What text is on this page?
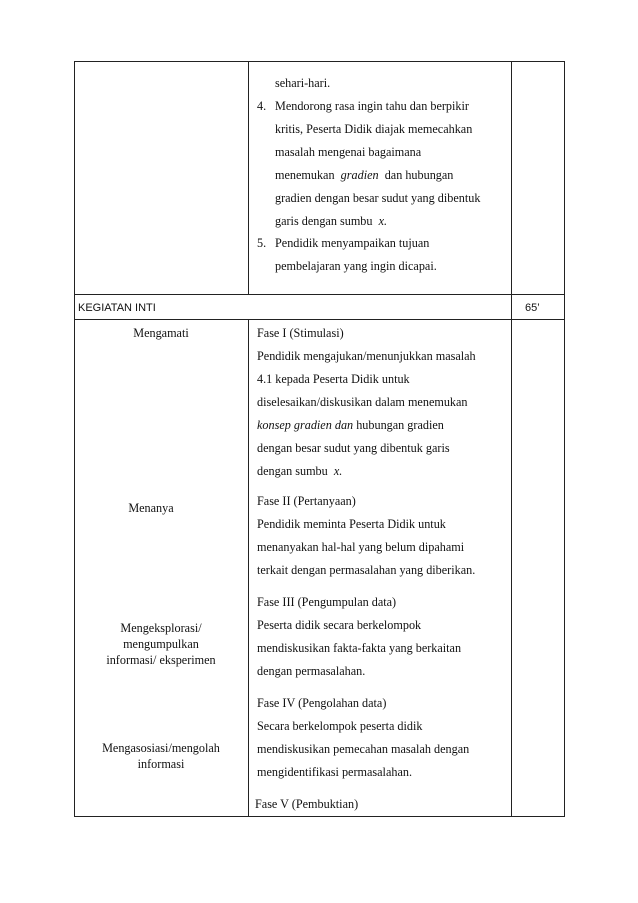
sehari-hari.
4. Mendorong rasa ingin tahu dan berpikir
kritis, Peserta Didik diajak memecahkan
masalah mengenai bagaimana
menemukan gradien dan hubungan
gradien dengan besar sudut yang dibentuk
garis dengan sumbu x.
5. Pendidik menyampaikan tujuan
pembelajaran yang ingin dicapai.
KEGIATAN INTI	65’
Mengamati
Menanya
Mengeksplorasi/
mengumpulkan
informasi/ eksperimen
Mengasosiasi/mengolah
informasi
Fase I (Stimulasi)
Pendidik mengajukan/menunjukkan masalah
4.1 kepada Peserta Didik untuk
diselesaikan/diskusikan dalam menemukan
konsep gradien dan hubungan gradien
dengan besar sudut yang dibentuk garis
dengan sumbu x.
Fase II (Pertanyaan)
Pendidik meminta Peserta Didik untuk
menanyakan hal-hal yang belum dipahami
terkait dengan permasalahan yang diberikan.
Fase III (Pengumpulan data)
Peserta didik secara berkelompok
mendiskusikan fakta-fakta yang berkaitan
dengan permasalahan.
Fase IV (Pengolahan data)
Secara berkelompok peserta didik
mendiskusikan pemecahan masalah dengan
mengidentifikasi permasalahan.
Fase V (Pembuktian)
